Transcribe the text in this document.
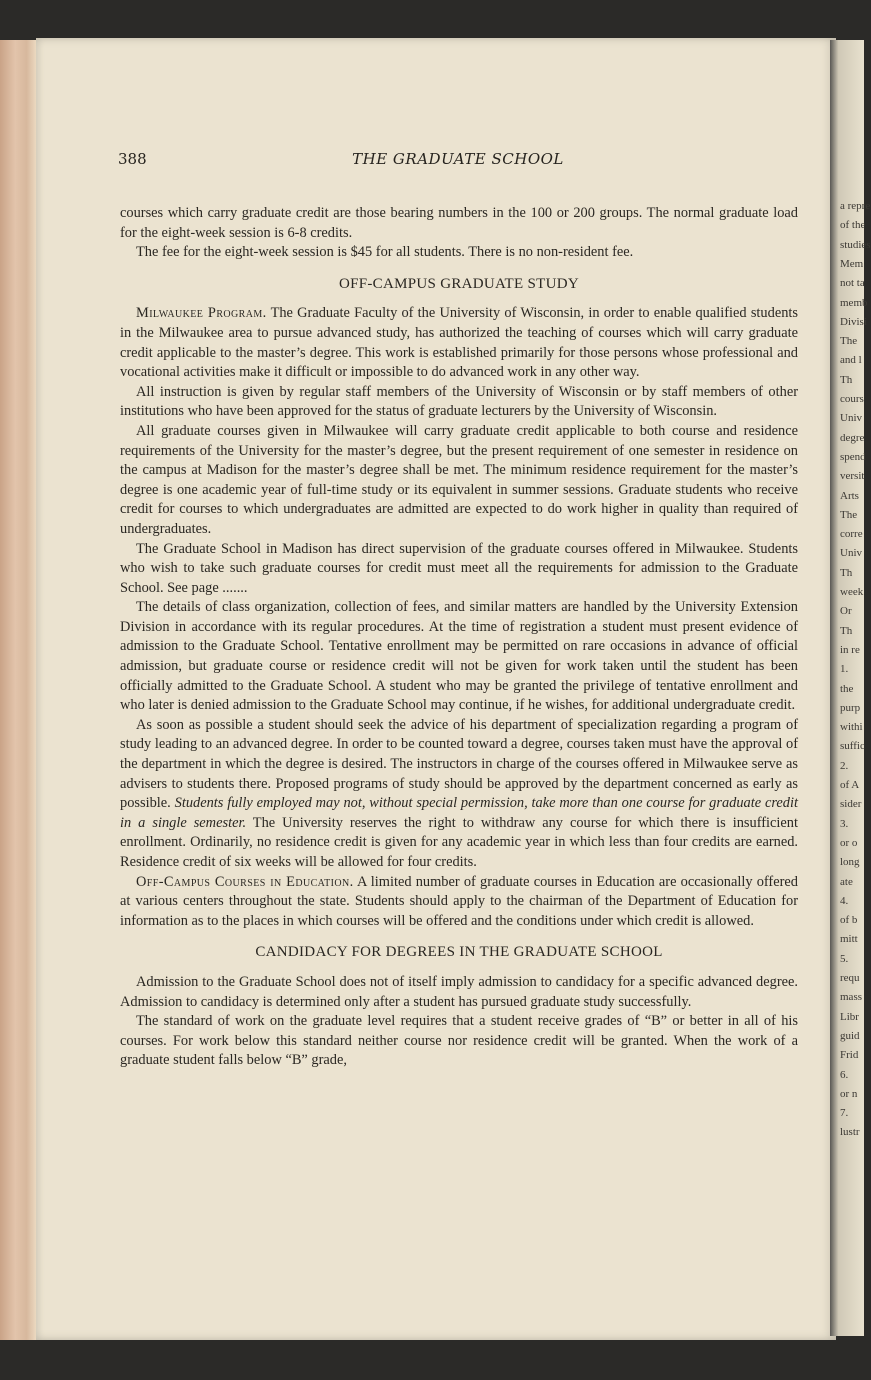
a repre
of the
studies
Mem
not ta
memb
Divisi
The
and l
Th
cours
Univ
degre
spend
versit
Arts
The
corre
Univ
Th
week
Or
Th
in re
1.
the
purp
withi
suffic
2.
of A
sider
3.
or o
long
ate
4.
of b
mitt
5.
requ
mass
Libr
guid
Frid
6.
or n
7.
lustr
388	THE GRADUATE SCHOOL

courses which carry graduate credit are those bearing numbers in the 100 or 200 groups. The normal graduate load for the eight-week session is 6-8 credits.

The fee for the eight-week session is $45 for all students. There is no non-resident fee.

OFF-CAMPUS GRADUATE STUDY

Milwaukee Program. The Graduate Faculty of the University of Wisconsin, in order to enable qualified students in the Milwaukee area to pursue advanced study, has authorized the teaching of courses which will carry graduate credit applicable to the master’s degree. This work is established primarily for those persons whose professional and vocational activities make it difficult or impossible to do advanced work in any other way.

All instruction is given by regular staff members of the University of Wisconsin or by staff members of other institutions who have been approved for the status of graduate lecturers by the University of Wisconsin.

All graduate courses given in Milwaukee will carry graduate credit applicable to both course and residence requirements of the University for the master’s degree, but the present requirement of one semester in residence on the campus at Madison for the master’s degree shall be met. The minimum residence requirement for the master’s degree is one academic year of full-time study or its equivalent in summer sessions. Graduate students who receive credit for courses to which undergraduates are admitted are expected to do work higher in quality than required of undergraduates.

The Graduate School in Madison has direct supervision of the graduate courses offered in Milwaukee. Students who wish to take such graduate courses for credit must meet all the requirements for admission to the Graduate School. See page .......

The details of class organization, collection of fees, and similar matters are handled by the University Extension Division in accordance with its regular procedures. At the time of registration a student must present evidence of admission to the Graduate School. Tentative enrollment may be permitted on rare occasions in advance of official admission, but graduate course or residence credit will not be given for work taken until the student has been officially admitted to the Graduate School. A student who may be granted the privilege of tentative enrollment and who later is denied admission to the Graduate School may continue, if he wishes, for additional undergraduate credit.

As soon as possible a student should seek the advice of his department of specialization regarding a program of study leading to an advanced degree. In order to be counted toward a degree, courses taken must have the approval of the department in which the degree is desired. The instructors in charge of the courses offered in Milwaukee serve as advisers to students there. Proposed programs of study should be approved by the department concerned as early as possible. Students fully employed may not, without special permission, take more than one course for graduate credit in a single semester. The University reserves the right to withdraw any course for which there is insufficient enrollment. Ordinarily, no residence credit is given for any academic year in which less than four credits are earned. Residence credit of six weeks will be allowed for four credits.

Off-Campus Courses in Education. A limited number of graduate courses in Education are occasionally offered at various centers throughout the state. Students should apply to the chairman of the Department of Education for information as to the places in which courses will be offered and the conditions under which credit is allowed.

CANDIDACY FOR DEGREES IN THE GRADUATE SCHOOL

Admission to the Graduate School does not of itself imply admission to candidacy for a specific advanced degree. Admission to candidacy is determined only after a student has pursued graduate study successfully.

The standard of work on the graduate level requires that a student receive grades of “B” or better in all of his courses. For work below this standard neither course nor residence credit will be granted. When the work of a graduate student falls below “B” grade,
